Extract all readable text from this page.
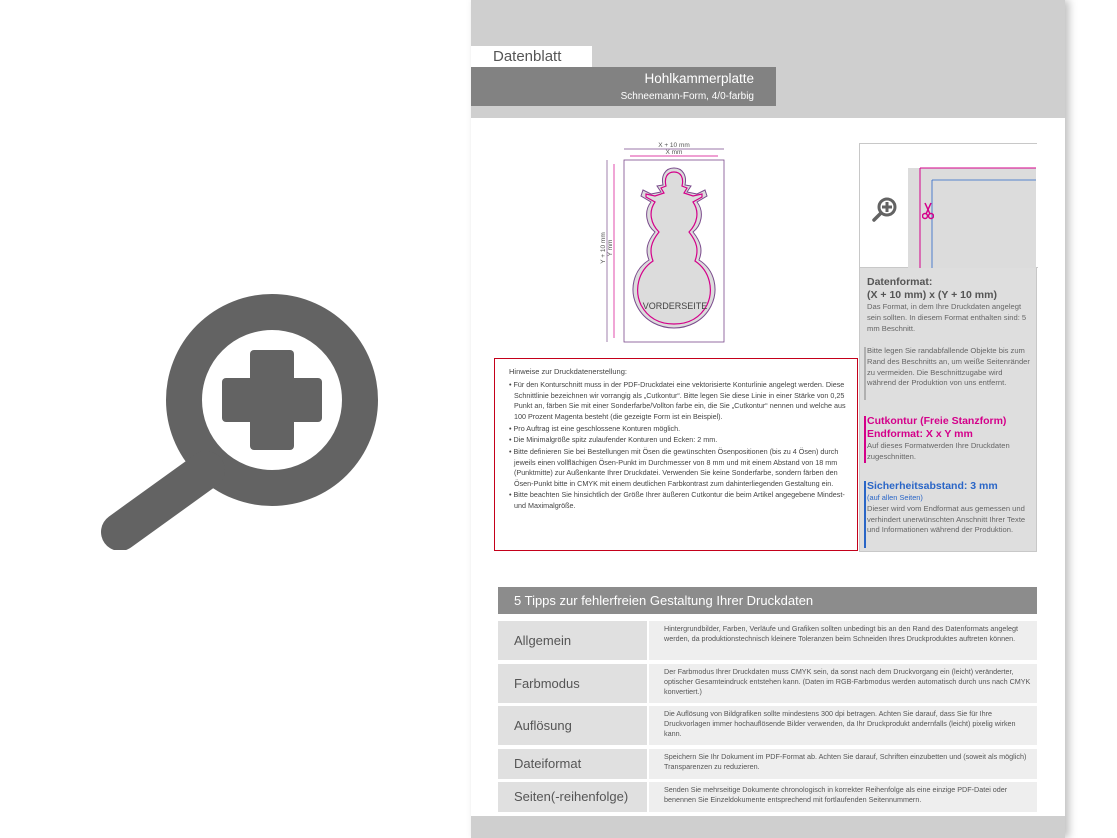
Datenblatt
Hohlkammerplatte
Schneemann-Form, 4/0-farbig
X + 10 mm
X mm
VORDERSEITE
Y + 10 mm Y mm
Hinweise zur Druckdatenerstellung:
• Für den Konturschnitt muss in der PDF-Druckdatei eine vektorisierte Konturlinie angelegt werden. Diese Schnittlinie bezeichnen wir vorrangig als „Cutkontur“. Bitte legen Sie diese Linie in einer Stärke von 0,25 Punkt an, färben Sie mit einer Sonderfarbe/Vollton farbe ein, die Sie „Cutkontur“ nennen und welche aus 100 Prozent Magenta besteht (die gezeigte Form ist ein Beispiel).
• Pro Auftrag ist eine geschlossene Konturen möglich.
• Die Minimalgröße spitz zulaufender Konturen und Ecken: 2 mm.
• Bitte definieren Sie bei Bestellungen mit Ösen die gewünschten Ösenpositionen (bis zu 4 Ösen) durch jeweils einen vollflächigen Ösen-Punkt im Durchmesser von 8 mm und mit einem Abstand von 18 mm (Punktmitte) zur Außenkante Ihrer Druckdatei. Verwenden Sie keine Sonderfarbe, sondern färben den Ösen-Punkt bitte in CMYK mit einem deutlichen Farbkontrast zum dahinterliegenden Gestaltung ein.
• Bitte beachten Sie hinsichtlich der Größe Ihrer äußeren Cutkontur die beim Artikel angegebene Mindest- und Maximalgröße.
Datenformat:
(X + 10 mm) x (Y + 10 mm)
Das Format, in dem Ihre Druckdaten angelegt sein sollten. In diesem Format enthalten sind: 5 mm Beschnitt.
Bitte legen Sie randabfallende Objekte bis zum Rand des Beschnitts an, um weiße Seitenränder zu vermeiden. Die Beschnittzugabe wird während der Produktion von uns entfernt.
Cutkontur (Freie Stanzform)
Endformat: X x Y mm
Auf dieses Formatwerden Ihre Druckdaten zugeschnitten.
Sicherheitsabstand: 3 mm
(auf allen Seiten)
Dieser wird vom Endformat aus gemessen und verhindert unerwünschten Anschnitt Ihrer Texte und Informationen während der Produktion.
5 Tipps zur fehlerfreien Gestaltung Ihrer Druckdaten
Allgemein
Hintergrundbilder, Farben, Verläufe und Grafiken sollten unbedingt bis an den Rand des Datenformats angelegt werden, da produktionstechnisch kleinere Toleranzen beim Schneiden Ihres Druckproduktes auftreten können.
Farbmodus
Der Farbmodus Ihrer Druckdaten muss CMYK sein, da sonst nach dem Druckvorgang ein (leicht) veränderter, optischer Gesamteindruck entstehen kann. (Daten im RGB-Farbmodus werden automatisch durch uns nach CMYK konvertiert.)
Auflösung
Die Auflösung von Bildgrafiken sollte mindestens 300 dpi betragen. Achten Sie darauf, dass Sie für Ihre Druckvorlagen immer hochauflösende Bilder verwenden, da Ihr Druckprodukt andernfalls (leicht) pixelig wirken kann.
Dateiformat	Speichern Sie Ihr Dokument im PDF-Format ab. Achten Sie darauf, Schriften einzubetten und (soweit als möglich) Transparenzen zu reduzieren.
Seiten(-reihenfolge)	Senden Sie mehrseitige Dokumente chronologisch in korrekter Reihenfolge als eine einzige PDF-Datei oder benennen Sie Einzeldokumente entsprechend mit fortlaufenden Seitennummern.
